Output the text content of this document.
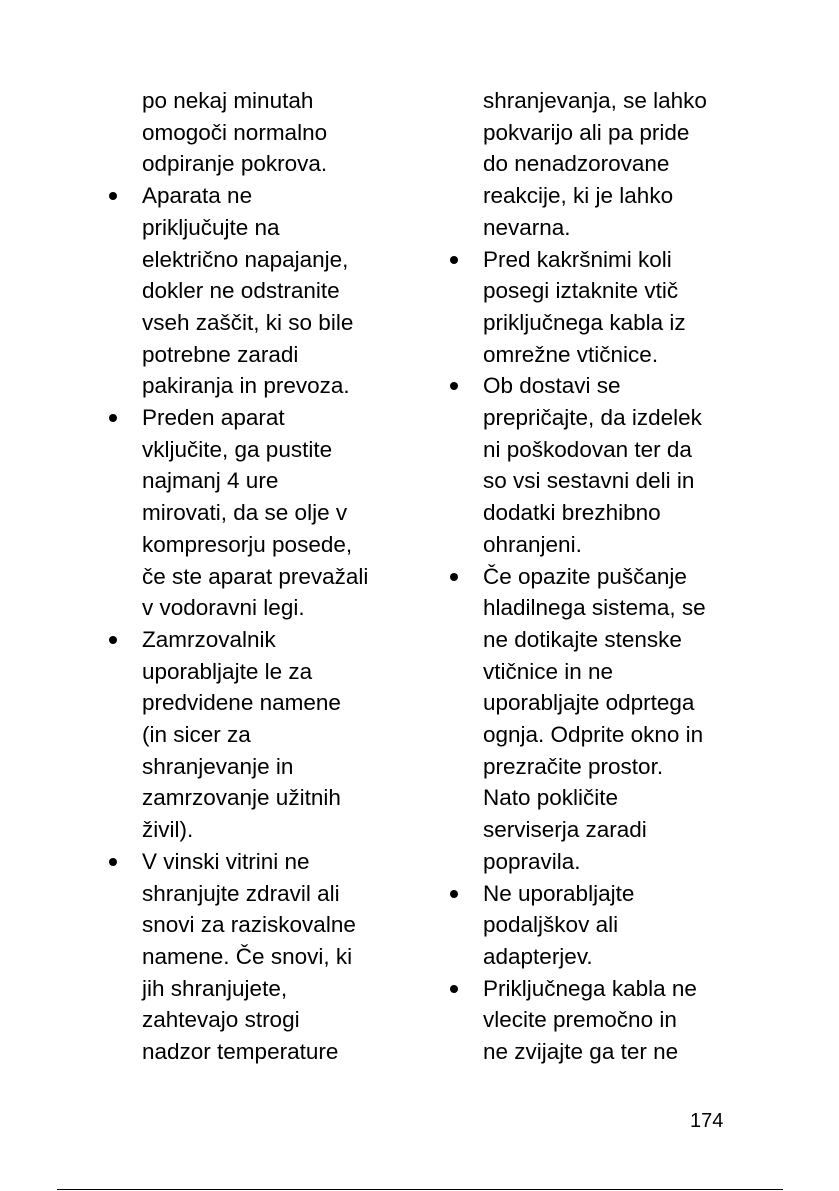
po nekaj minutah
omogoči normalno
odpiranje pokrova.
Aparata ne
priključujte na
električno napajanje,
dokler ne odstranite
vseh zaščit, ki so bile
potrebne zaradi
pakiranja in prevoza.
Preden aparat
vključite, ga pustite
najmanj 4 ure
mirovati, da se olje v
kompresorju posede,
če ste aparat prevažali
v vodoravni legi.
Zamrzovalnik
uporabljajte le za
predvidene namene
(in sicer za
shranjevanje in
zamrzovanje užitnih
živil).
V vinski vitrini ne
shranjujte zdravil ali
snovi za raziskovalne
namene. Če snovi, ki
jih shranjujete,
zahtevajo strogi
nadzor temperature
shranjevanja, se lahko
pokvarijo ali pa pride
do nenadzorovane
reakcije, ki je lahko
nevarna.
Pred kakršnimi koli
posegi iztaknite vtič
priključnega kabla iz
omrežne vtičnice.
Ob dostavi se
prepričajte, da izdelek
ni poškodovan ter da
so vsi sestavni deli in
dodatki brezhibno
ohranjeni.
Če opazite puščanje
hladilnega sistema, se
ne dotikajte stenske
vtičnice in ne
uporabljajte odprtega
ognja. Odprite okno in
prezračite prostor.
Nato pokličite
serviserja zaradi
popravila.
Ne uporabljajte
podaljškov ali
adapterjev.
Priključnega kabla ne
vlecite premočno in
ne zvijajte ga ter ne
174
